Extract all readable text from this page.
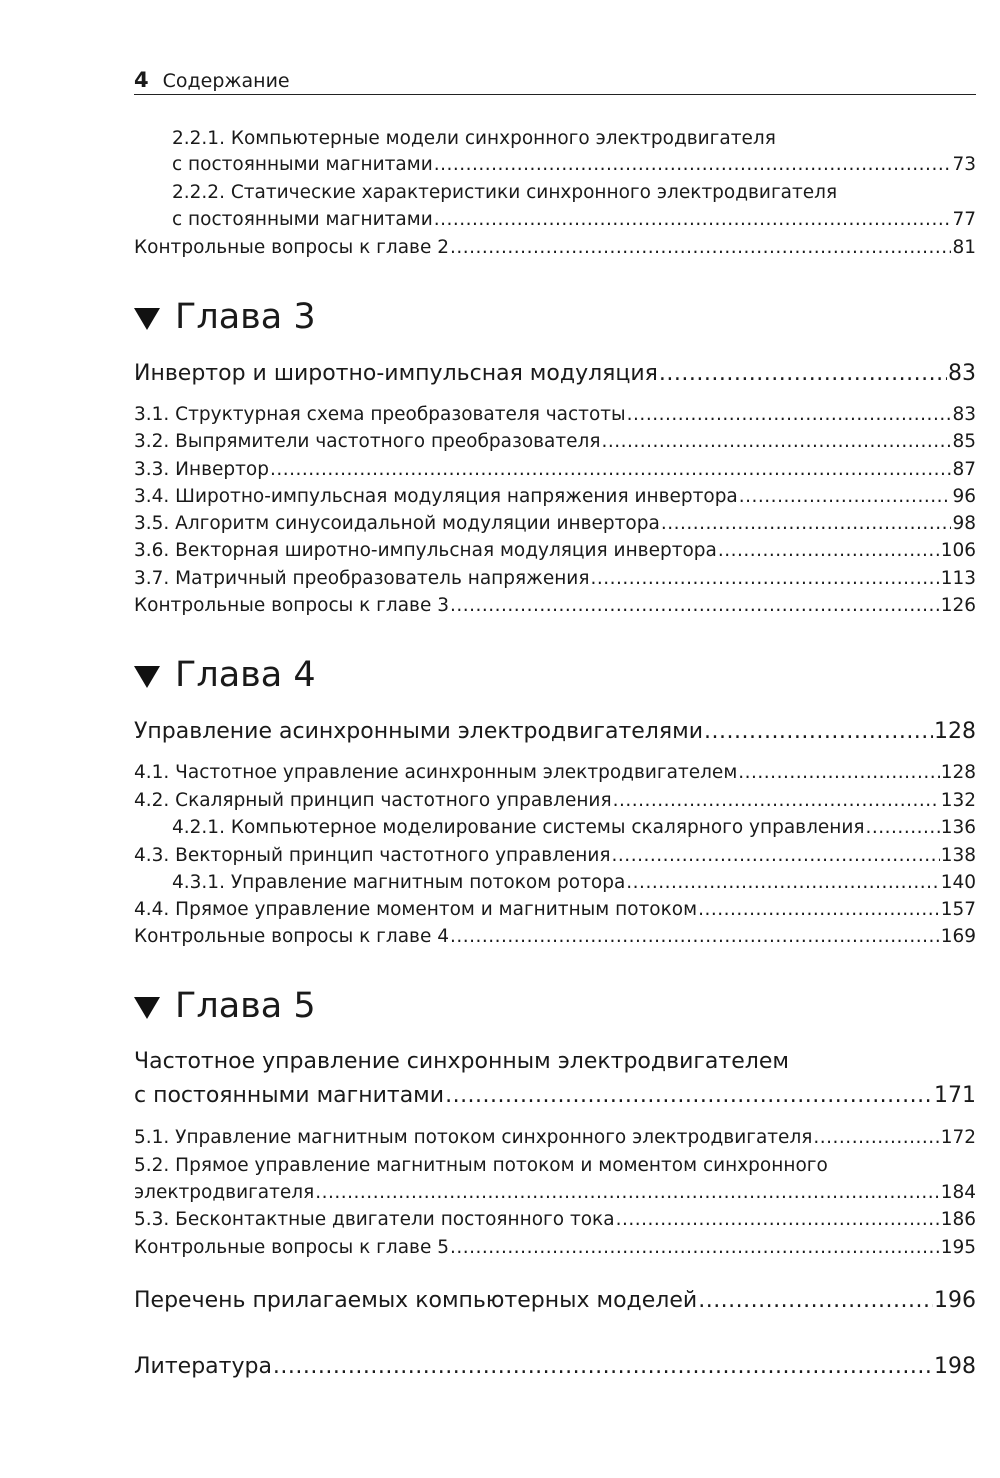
4 Содержание
2.2.1. Компьютерные модели синхронного электродвигателя
с постоянными магнитами .....	73
2.2.2. Статические характеристики синхронного электродвигателя
с постоянными магнитами .....	77
Контрольные вопросы к главе 2 .....	81
Глава 3
Инвертор и широтно-импульсная модуляция .....	83
3.1. Структурная схема преобразователя частоты .....	83
3.2. Выпрямители частотного преобразователя .....	85
3.3. Инвертор .....	87
3.4. Широтно-импульсная модуляция напряжения инвертора .....	96
3.5. Алгоритм синусоидальной модуляции инвертора .....	98
3.6. Векторная широтно-импульсная модуляция инвертора .....	106
3.7. Матричный преобразователь напряжения .....	113
Контрольные вопросы к главе 3 .....	126
Глава 4
Управление асинхронными электродвигателями .....	128
4.1. Частотное управление асинхронным электродвигателем .....	128
4.2. Скалярный принцип частотного управления .....	132
4.2.1. Компьютерное моделирование системы скалярного управления .....	136
4.3. Векторный принцип частотного управления .....	138
4.3.1. Управление магнитным потоком ротора .....	140
4.4. Прямое управление моментом и магнитным потоком .....	157
Контрольные вопросы к главе 4 .....	169
Глава 5
Частотное управление синхронным электродвигателем
с постоянными магнитами .....	171
5.1. Управление магнитным потоком синхронного электродвигателя .....	172
5.2. Прямое управление магнитным потоком и моментом синхронного
электродвигателя .....	184
5.3. Бесконтактные двигатели постоянного тока .....	186
Контрольные вопросы к главе 5 .....	195
Перечень прилагаемых компьютерных моделей .....	196
Литература .....	198
